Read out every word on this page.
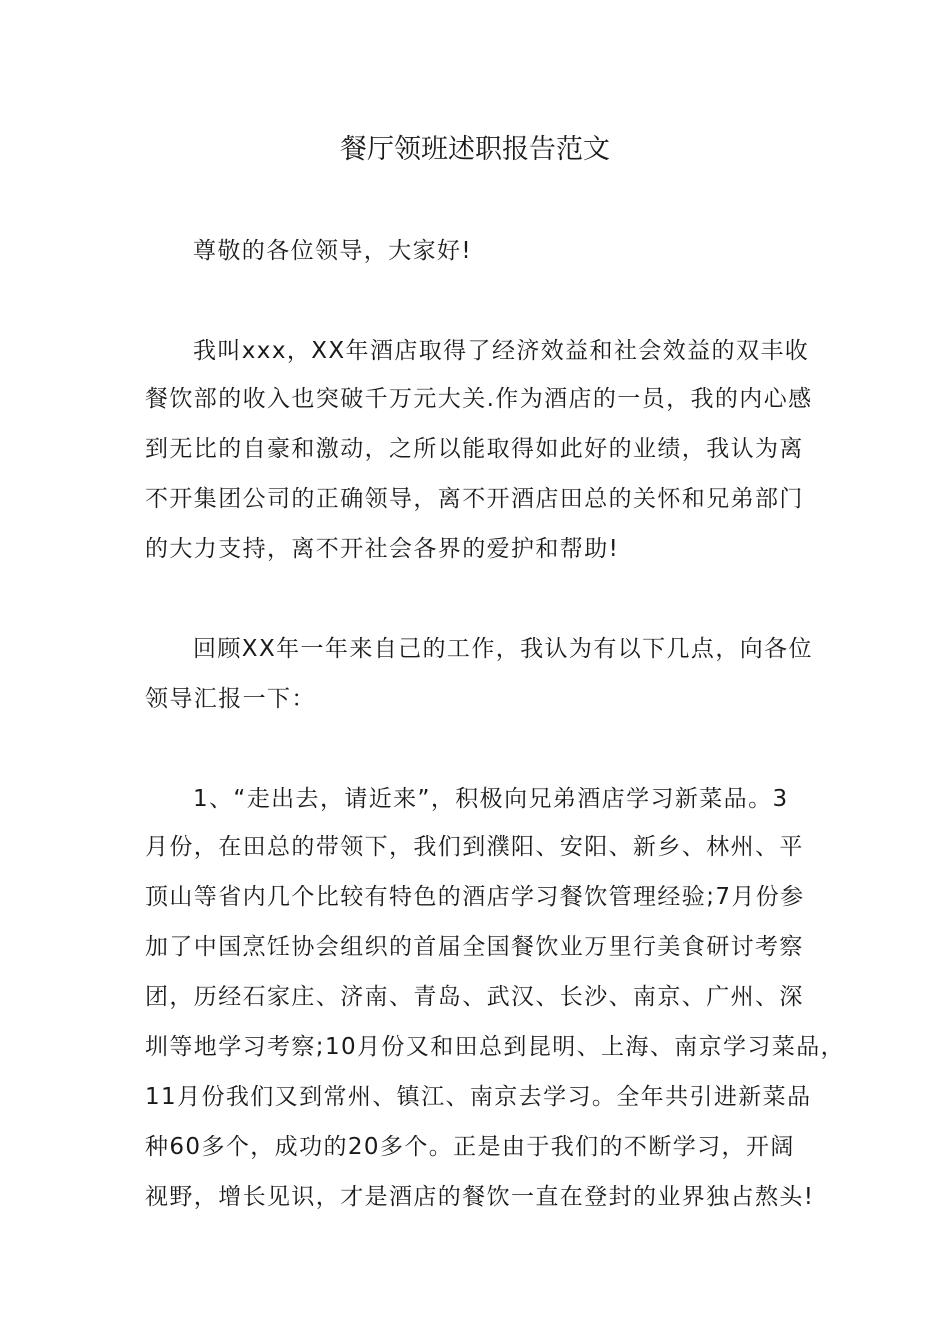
餐厅领班述职报告范文
尊敬的各位领导，大家好!
我叫xxx，XX年酒店取得了经济效益和社会效益的双丰收
餐饮部的收入也突破千万元大关.作为酒店的一员，我的内心感
到无比的自豪和激动，之所以能取得如此好的业绩，我认为离
不开集团公司的正确领导，离不开酒店田总的关怀和兄弟部门
的大力支持，离不开社会各界的爱护和帮助!
回顾XX年一年来自己的工作，我认为有以下几点，向各位
领导汇报一下：
1、“走出去，请近来”，积极向兄弟酒店学习新菜品。3
月份，在田总的带领下，我们到濮阳、安阳、新乡、林州、平
顶山等省内几个比较有特色的酒店学习餐饮管理经验;7月份参
加了中国烹饪协会组织的首届全国餐饮业万里行美食研讨考察
团，历经石家庄、济南、青岛、武汉、长沙、南京、广州、深
圳等地学习考察;10月份又和田总到昆明、上海、南京学习菜品，
11月份我们又到常州、镇江、南京去学习。全年共引进新菜品
种60多个，成功的20多个。正是由于我们的不断学习，开阔
视野，增长见识，才是酒店的餐饮一直在登封的业界独占熬头!
